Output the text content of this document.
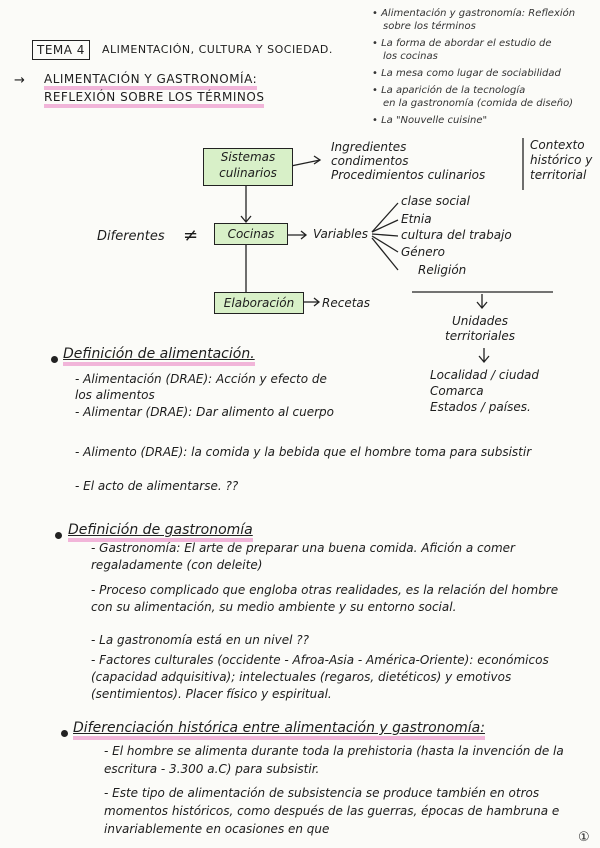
• Alimentación y gastronomía: Reflexión
sobre los términos
• La forma de abordar el estudio de
los cocinas
• La mesa como lugar de sociabilidad
• La aparición de la tecnología
en la gastronomía (comida de diseño)
• La "Nouvelle cuisine"
TEMA 4	ALIMENTACIÓN, CULTURA Y SOCIEDAD.
→ ALIMENTACIÓN Y GASTRONOMÍA:
REFLEXIÓN SOBRE LOS TÉRMINOS
Sistemas culinarios
Ingredientes
condimentos
Procedimientos culinarios
Contexto histórico y territorial
Diferentes ≠	Cocinas	Variables
clase social
Etnia
cultura del trabajo
Género
Religión
Unidades territoriales
Localidad / ciudad
Comarca
Estados / países.
Elaboración	Recetas
Definición de alimentación.
- Alimentación (DRAE): Acción y efecto de los alimentos
- Alimentar (DRAE): Dar alimento al cuerpo
- Alimento (DRAE): la comida y la bebida que el hombre toma para subsistir
- El acto de alimentarse. ??
Definición de gastronomía
- Gastronomía: El arte de preparar una buena comida. Afición a comer regaladamente (con deleite)
- Proceso complicado que engloba otras realidades, es la relación del hombre con su alimentación, su medio ambiente y su entorno social.
- La gastronomía está en un nivel ??
- Factores culturales (occidente - Afroa-Asia - América-Oriente): económicos (capacidad adquisitiva); intelectuales (regaros, dietéticos) y emotivos (sentimientos). Placer físico y espiritual.
Diferenciación histórica entre alimentación y gastronomía:
- El hombre se alimenta durante toda la prehistoria (hasta la invención de la escritura - 3.300 a.C) para subsistir.
- Este tipo de alimentación de subsistencia se produce también en otros momentos históricos, como después de las guerras, épocas de hambruna e invariablemente en ocasiones en que
①
